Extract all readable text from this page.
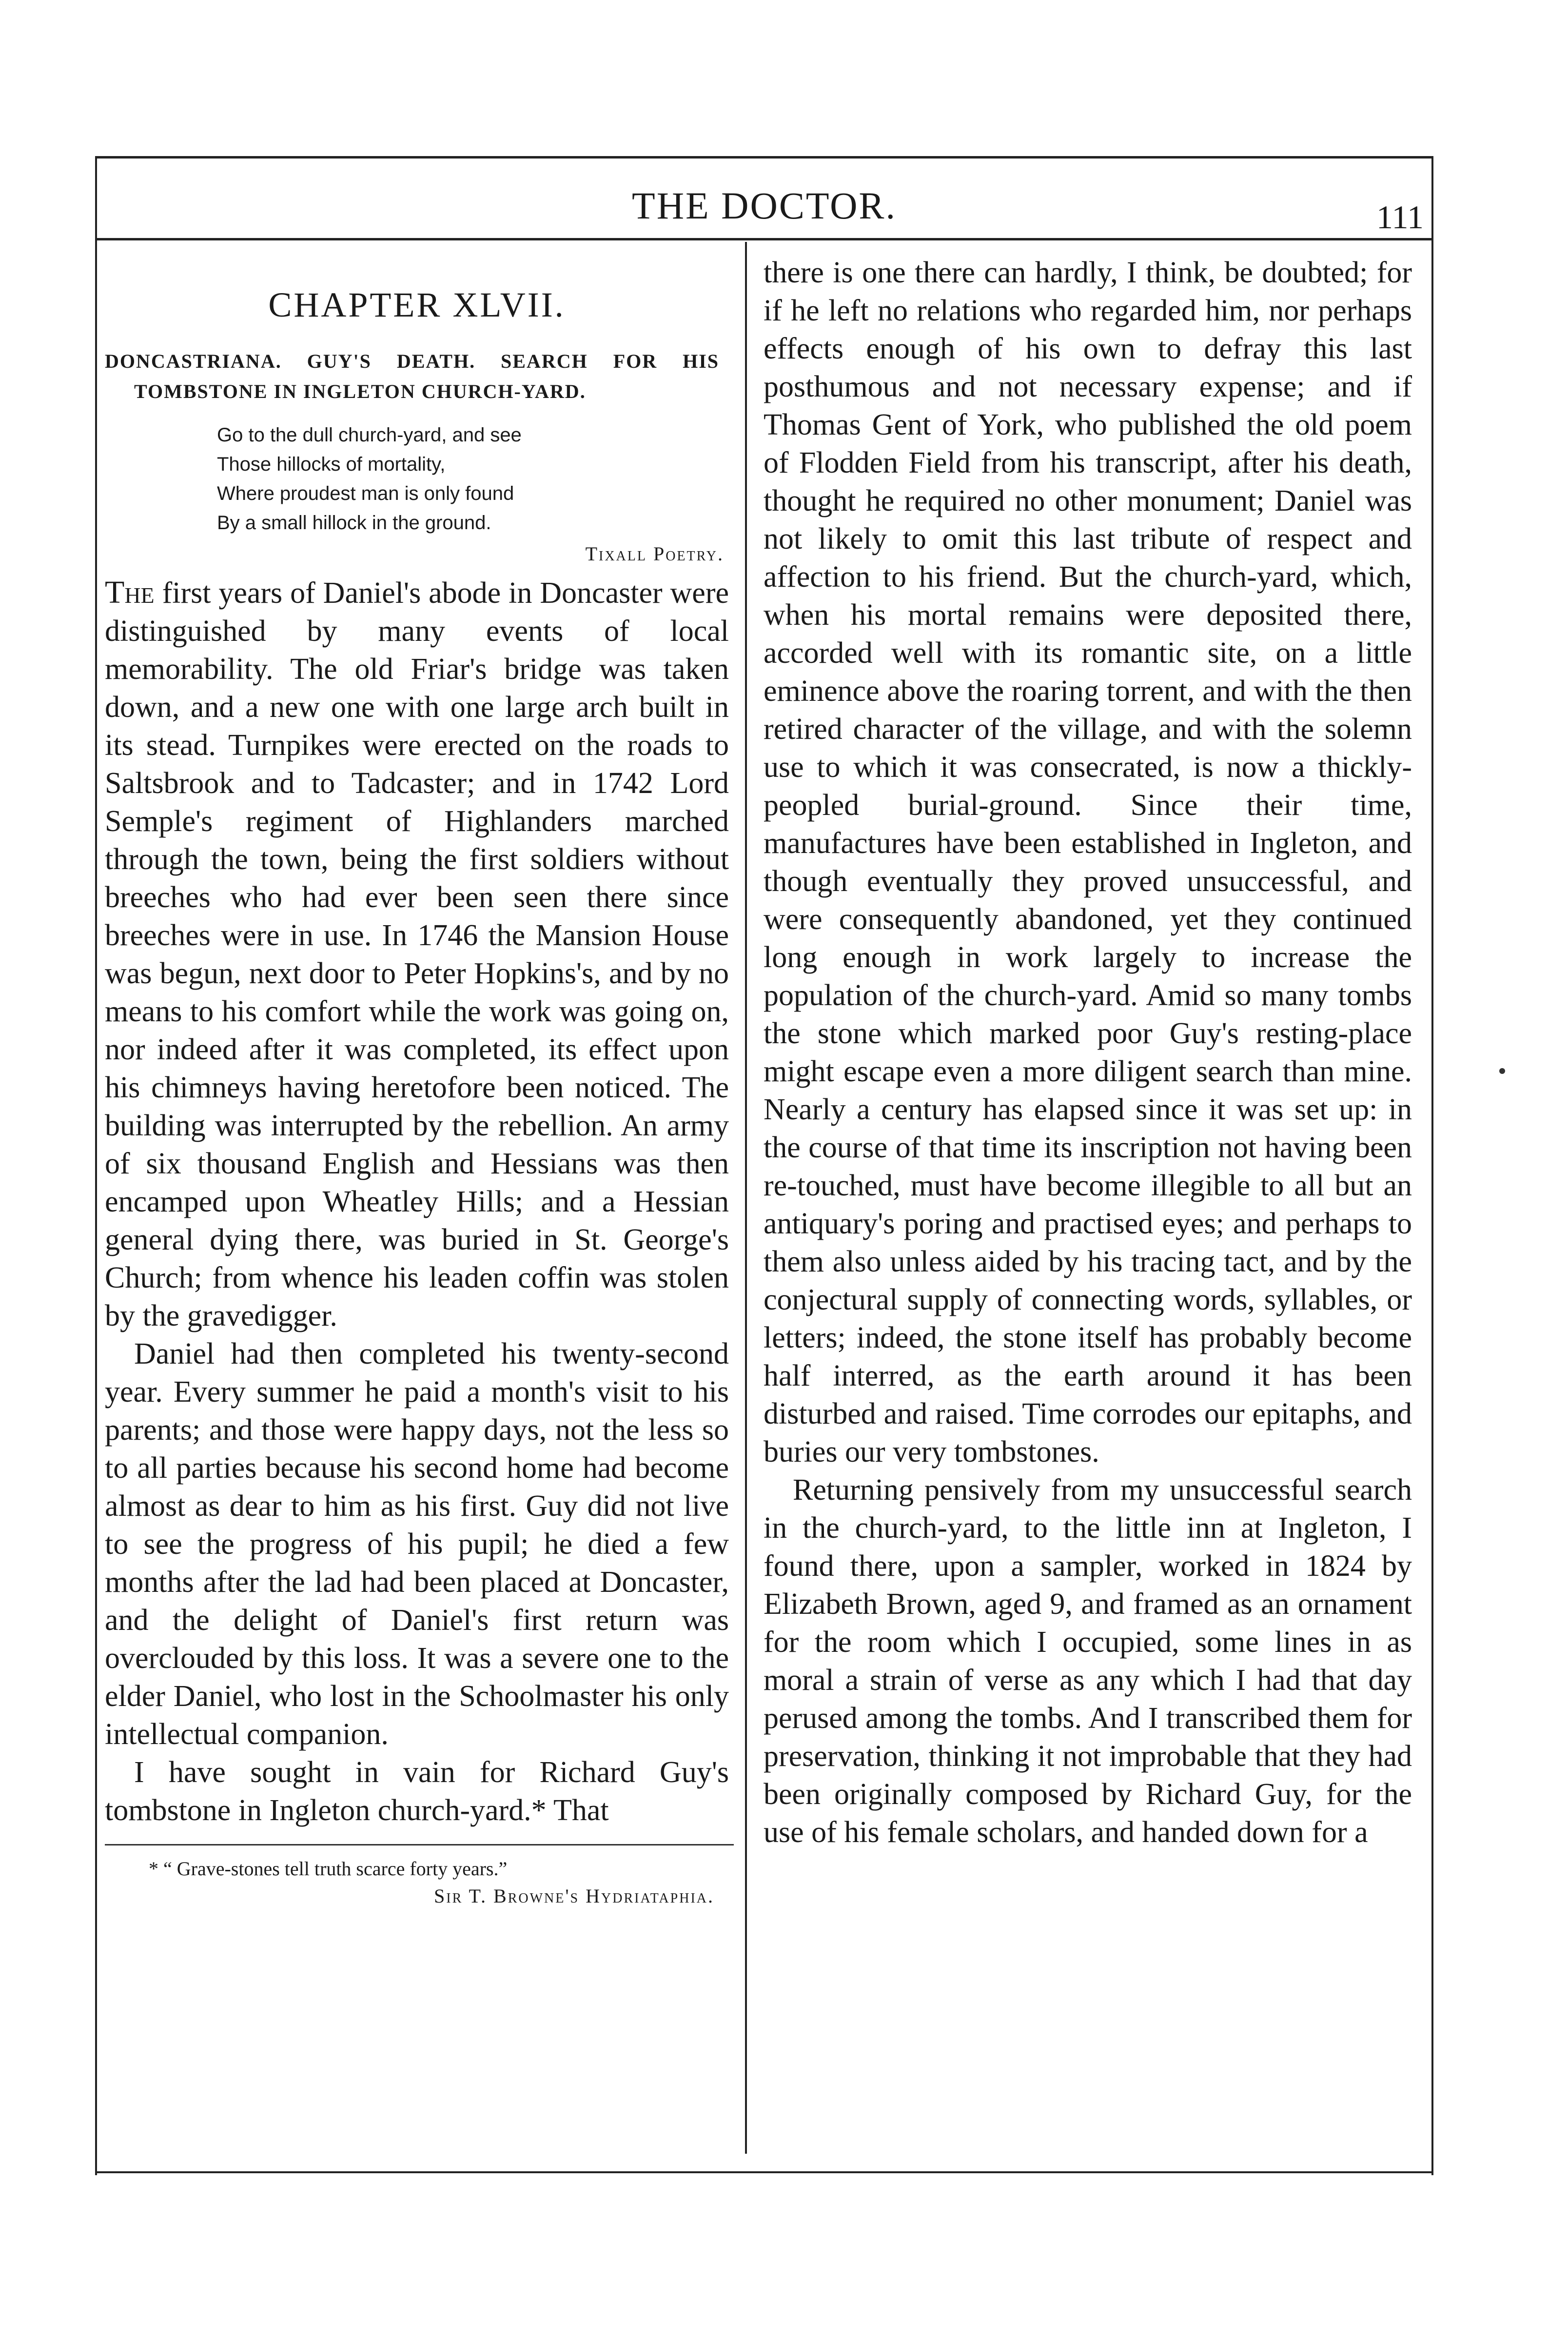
THE DOCTOR.	111
CHAPTER XLVII.
DONCASTRIANA. GUY'S DEATH. SEARCH FOR HIS TOMBSTONE IN INGLETON CHURCH-YARD.
Go to the dull church-yard, and see
Those hillocks of mortality,
Where proudest man is only found
By a small hillock in the ground.
Tixall Poetry.

The first years of Daniel's abode in Doncaster were distinguished by many events of local memorability. The old Friar's bridge was taken down, and a new one with one large arch built in its stead. Turnpikes were erected on the roads to Saltsbrook and to Tadcaster; and in 1742 Lord Semple's regiment of Highlanders marched through the town, being the first soldiers without breeches who had ever been seen there since breeches were in use. In 1746 the Mansion House was begun, next door to Peter Hopkins's, and by no means to his comfort while the work was going on, nor indeed after it was completed, its effect upon his chimneys having heretofore been noticed. The building was interrupted by the rebellion. An army of six thousand English and Hessians was then encamped upon Wheatley Hills; and a Hessian general dying there, was buried in St. George's Church; from whence his leaden coffin was stolen by the gravedigger.

Daniel had then completed his twenty-second year. Every summer he paid a month's visit to his parents; and those were happy days, not the less so to all parties because his second home had become almost as dear to him as his first. Guy did not live to see the progress of his pupil; he died a few months after the lad had been placed at Doncaster, and the delight of Daniel's first return was overclouded by this loss. It was a severe one to the elder Daniel, who lost in the Schoolmaster his only intellectual companion.

I have sought in vain for Richard Guy's tombstone in Ingleton church-yard.* That

* “ Grave-stones tell truth scarce forty years.”
Sir T. Browne's Hydriataphia.

there is one there can hardly, I think, be doubted; for if he left no relations who regarded him, nor perhaps effects enough of his own to defray this last posthumous and not necessary expense; and if Thomas Gent of York, who published the old poem of Flodden Field from his transcript, after his death, thought he required no other monument; Daniel was not likely to omit this last tribute of respect and affection to his friend. But the church-yard, which, when his mortal remains were deposited there, accorded well with its romantic site, on a little eminence above the roaring torrent, and with the then retired character of the village, and with the solemn use to which it was consecrated, is now a thickly-peopled burial-ground. Since their time, manufactures have been established in Ingleton, and though eventually they proved unsuccessful, and were consequently abandoned, yet they continued long enough in work largely to increase the population of the church-yard. Amid so many tombs the stone which marked poor Guy's resting-place might escape even a more diligent search than mine. Nearly a century has elapsed since it was set up: in the course of that time its inscription not having been re-touched, must have become illegible to all but an antiquary's poring and practised eyes; and perhaps to them also unless aided by his tracing tact, and by the conjectural supply of connecting words, syllables, or letters; indeed, the stone itself has probably become half interred, as the earth around it has been disturbed and raised. Time corrodes our epitaphs, and buries our very tombstones.

Returning pensively from my unsuccessful search in the church-yard, to the little inn at Ingleton, I found there, upon a sampler, worked in 1824 by Elizabeth Brown, aged 9, and framed as an ornament for the room which I occupied, some lines in as moral a strain of verse as any which I had that day perused among the tombs. And I transcribed them for preservation, thinking it not improbable that they had been originally composed by Richard Guy, for the use of his female scholars, and handed down for a
